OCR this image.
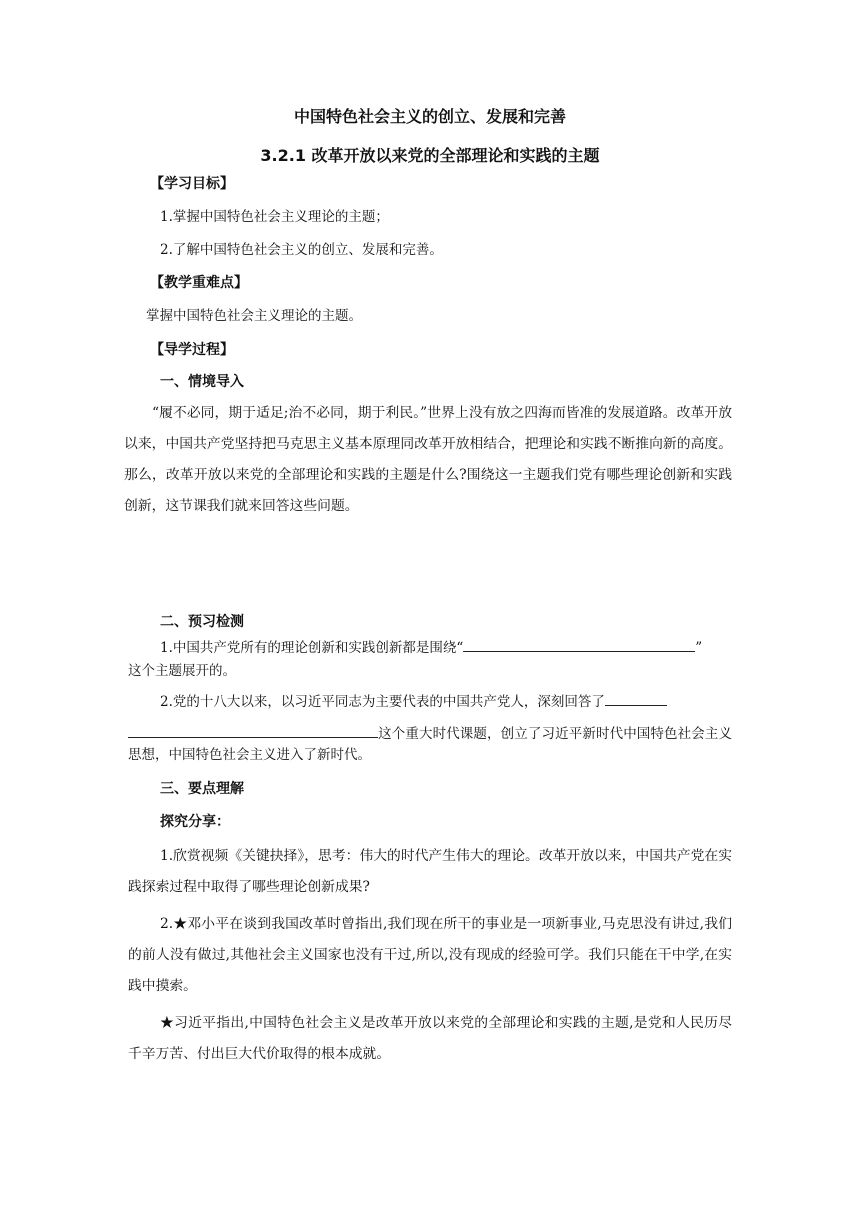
中国特色社会主义的创立、发展和完善

3.2.1 改革开放以来党的全部理论和实践的主题

【学习目标】

1.掌握中国特色社会主义理论的主题；

2.了解中国特色社会主义的创立、发展和完善。

【教学重难点】

掌握中国特色社会主义理论的主题。

【导学过程】

一、情境导入

“履不必同，期于适足;治不必同，期于利民。”世界上没有放之四海而皆准的发展道路。改革开放以来，中国共产党坚持把马克思主义基本原理同改革开放相结合，把理论和实践不断推向新的高度。那么，改革开放以来党的全部理论和实践的主题是什么?围绕这一主题我们党有哪些理论创新和实践创新，这节课我们就来回答这些问题。

二、预习检测

1.中国共产党所有的理论创新和实践创新都是围绕“	”

这个主题展开的。

2.党的十八大以来，以习近平同志为主要代表的中国共产党人，深刻回答了

这个重大时代课题，创立了习近平新时代中国特色社会主义思想，中国特色社会主义进入了新时代。

三、要点理解

探究分享：

1.欣赏视频《关键抉择》，思考：伟大的时代产生伟大的理论。改革开放以来，中国共产党在实践探索过程中取得了哪些理论创新成果?

2.★邓小平在谈到我国改革时曾指出,我们现在所干的事业是一项新事业,马克思没有讲过,我们的前人没有做过,其他社会主义国家也没有干过,所以,没有现成的经验可学。我们只能在干中学,在实践中摸索。

★习近平指出,中国特色社会主义是改革开放以来党的全部理论和实践的主题,是党和人民历尽千辛万苦、付出巨大代价取得的根本成就。
